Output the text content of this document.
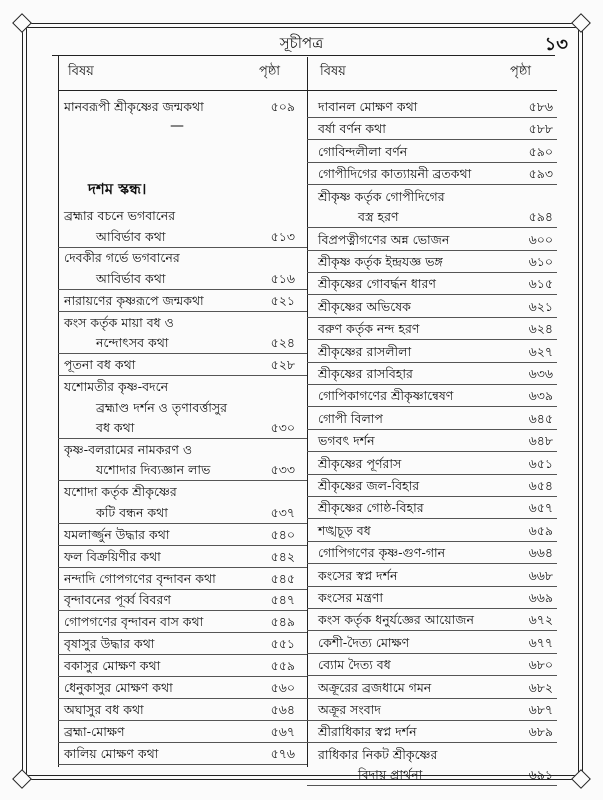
সূচীপত্র	১৩
বিষয়	পৃষ্ঠা	বিষয়	পৃষ্ঠা
মানবরূপী শ্রীকৃষ্ণের জন্মকথা	৫০৯
—
দশম স্কন্ধ।
ব্রহ্মার বচনে ভগবানের
আবির্ভাব কথা	৫১৩
দেবকীর গর্ভে ভগবানের
আবির্ভাব কথা	৫১৬
নারায়ণের কৃষ্ণরূপে জন্মকথা	৫২১
কংস কর্তৃক মায়া বধ ও
নন্দোৎসব কথা	৫২৪
পূতনা বধ কথা	৫২৮
যশোমতীর কৃষ্ণ-বদনে
ব্রহ্মাণ্ড দর্শন ও তৃণাবর্ত্তাসুর
বধ কথা	৫৩০
কৃষ্ণ-বলরামের নামকরণ ও
যশোদার দিব্যজ্ঞান লাভ	৫৩৩
যশোদা কর্তৃক শ্রীকৃষ্ণের
কটি বন্ধন কথা	৫৩৭
যমলার্জ্জুন উদ্ধার কথা	৫৪০
ফল বিক্রয়িণীর কথা	৫৪২
নন্দাদি গোপগণের বৃন্দাবন কথা	৫৪৫
বৃন্দাবনের পূর্ব্ব বিবরণ	৫৪৭
গোপগণের বৃন্দাবন বাস কথা	৫৪৯
বৃষাসুর উদ্ধার কথা	৫৫১
বকাসুর মোক্ষণ কথা	৫৫৯
ধেনুকাসুর মোক্ষণ কথা	৫৬০
অঘাসুর বধ কথা	৫৬৪
ব্রহ্মা-মোক্ষণ	৫৬৭
কালিয় মোক্ষণ কথা	৫৭৬
দাবানল মোক্ষণ কথা	৫৮৬
বর্ষা বর্ণন কথা	৫৮৮
গোবিন্দলীলা বর্ণন	৫৯০
গোপীদিগের কাত্যায়নী ব্রতকথা	৫৯৩
শ্রীকৃষ্ণ কর্তৃক গোপীদিগের
বস্ত্র হরণ	৫৯৪
বিপ্রপত্নীগণের অন্ন ভোজন	৬০০
শ্রীকৃষ্ণ কর্তৃক ইন্দ্রযজ্ঞ ভঙ্গ	৬১০
শ্রীকৃষ্ণের গোবর্দ্ধন ধারণ	৬১৫
শ্রীকৃষ্ণের অভিষেক	৬২১
বরুণ কর্তৃক নন্দ হরণ	৬২৪
শ্রীকৃষ্ণের রাসলীলা	৬২৭
শ্রীকৃষ্ণের রাসবিহার	৬৩৬
গোপিকাগণের শ্রীকৃষ্ণান্বেষণ	৬৩৯
গোপী বিলাপ	৬৪৫
ভগবৎ দর্শন	৬৪৮
শ্রীকৃষ্ণের পূর্ণরাস	৬৫১
শ্রীকৃষ্ণের জল-বিহার	৬৫৪
শ্রীকৃষ্ণের গোষ্ঠ-বিহার	৬৫৭
শঙ্খচূড় বধ	৬৫৯
গোপিগণের কৃষ্ণ-গুণ-গান	৬৬৪
কংসের স্বপ্ন দর্শন	৬৬৮
কংসের মন্ত্রণা	৬৬৯
কংস কর্তৃক ধনুর্যজ্ঞের আয়োজন	৬৭২
কেশী-দৈত্য মোক্ষণ	৬৭৭
ব্যোম দৈত্য বধ	৬৮০
অক্রূরের ব্রজধামে গমন	৬৮২
অক্রূর সংবাদ	৬৮৭
শ্রীরাধিকার স্বপ্ন দর্শন	৬৮৯
রাধিকার নিকট শ্রীকৃষ্ণের
বিদায় প্রার্থনা	৬৯১
